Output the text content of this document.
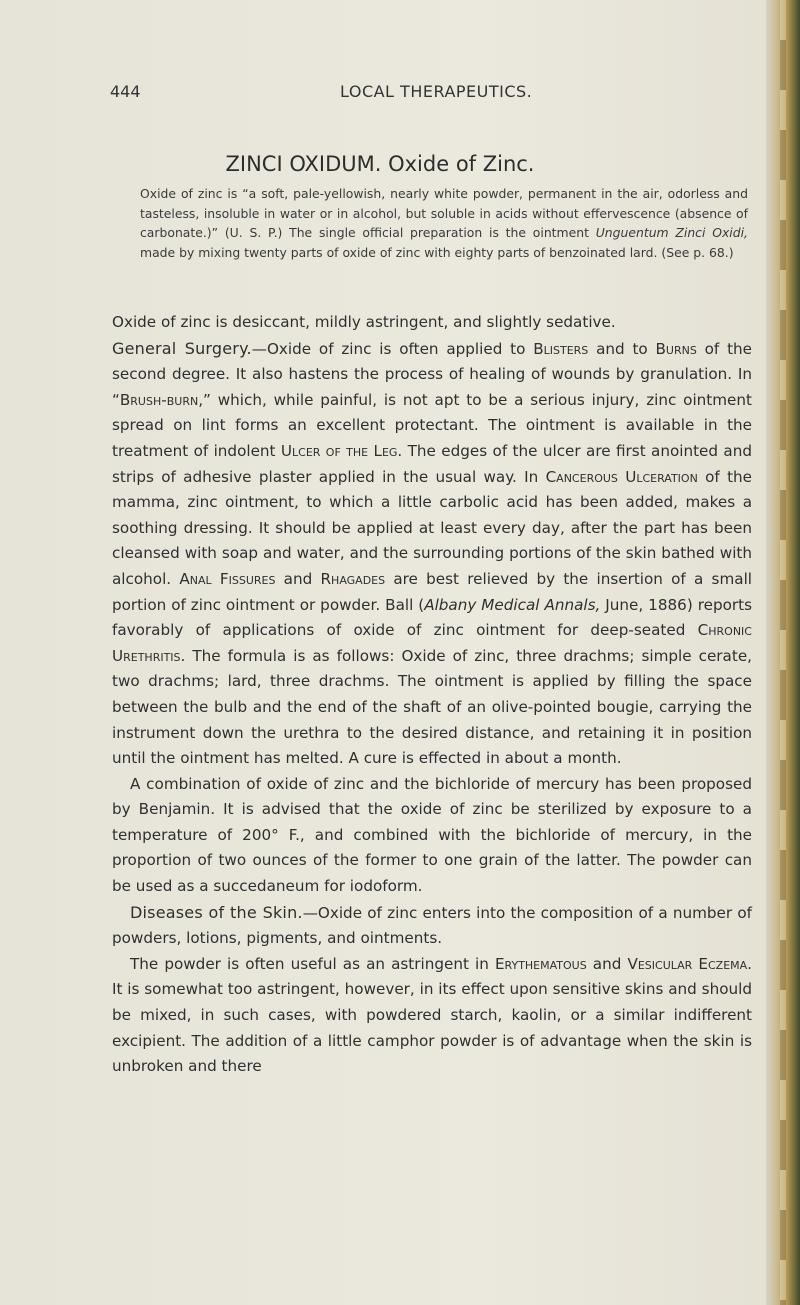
444	LOCAL THERAPEUTICS.
ZINCI OXIDUM. Oxide of Zinc.
Oxide of zinc is “a soft, pale-yellowish, nearly white powder, permanent in the air, odorless and tasteless, insoluble in water or in alcohol, but soluble in acids without effervescence (absence of carbonate.)” (U. S. P.) The single official preparation is the ointment Unguentum Zinci Oxidi, made by mixing twenty parts of oxide of zinc with eighty parts of benzoinated lard. (See p. 68.)

Oxide of zinc is desiccant, mildly astringent, and slightly sedative.

General Surgery.—Oxide of zinc is often applied to Blisters and to Burns of the second degree. It also hastens the process of healing of wounds by granulation. In “Brush-burn,” which, while painful, is not apt to be a serious injury, zinc ointment spread on lint forms an excellent protectant. The ointment is available in the treatment of indolent Ulcer of the Leg. The edges of the ulcer are first anointed and strips of adhesive plaster applied in the usual way. In Cancerous Ulceration of the mamma, zinc ointment, to which a little carbolic acid has been added, makes a soothing dressing. It should be applied at least every day, after the part has been cleansed with soap and water, and the surrounding portions of the skin bathed with alcohol. Anal Fissures and Rhagades are best relieved by the insertion of a small portion of zinc ointment or powder. Ball (Albany Medical Annals, June, 1886) reports favorably of applications of oxide of zinc ointment for deep-seated Chronic Urethritis. The formula is as follows: Oxide of zinc, three drachms; simple cerate, two drachms; lard, three drachms. The ointment is applied by filling the space between the bulb and the end of the shaft of an olive-pointed bougie, carrying the instrument down the urethra to the desired distance, and retaining it in position until the ointment has melted. A cure is effected in about a month.

A combination of oxide of zinc and the bichloride of mercury has been proposed by Benjamin. It is advised that the oxide of zinc be sterilized by exposure to a temperature of 200° F., and combined with the bichloride of mercury, in the proportion of two ounces of the former to one grain of the latter. The powder can be used as a succedaneum for iodoform.

Diseases of the Skin.—Oxide of zinc enters into the composition of a number of powders, lotions, pigments, and ointments.

The powder is often useful as an astringent in Erythematous and Vesicular Eczema. It is somewhat too astringent, however, in its effect upon sensitive skins and should be mixed, in such cases, with powdered starch, kaolin, or a similar indifferent excipient. The addition of a little camphor powder is of advantage when the skin is unbroken and there
